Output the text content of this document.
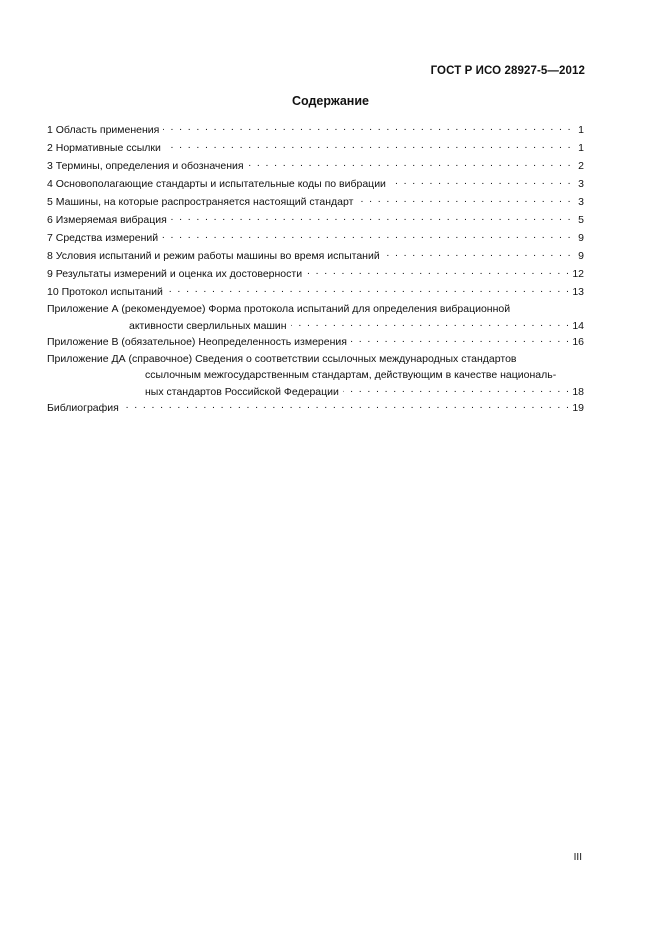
ГОСТ Р ИСО 28927-5—2012
Содержание
1 Область применения . . .	1
2 Нормативные ссылки . . .	1
3 Термины, определения и обозначения . . .	2
4 Основополагающие стандарты и испытательные коды по вибрации . . .	3
5 Машины, на которые распространяется настоящий стандарт . . .	3
6 Измеряемая вибрация . . .	5
7 Средства измерений . . .	9
8 Условия испытаний и режим работы машины во время испытаний . . .	9
9 Результаты измерений и оценка их достоверности . . .	12
10 Протокол испытаний . . .	13
Приложение А (рекомендуемое) Форма протокола испытаний для определения вибрационной
активности сверлильных машин . . .	14
Приложение В (обязательное) Неопределенность измерения . . .	16
Приложение ДА (справочное) Сведения о соответствии ссылочных международных стандартов
ссылочным межгосударственным стандартам, действующим в качестве националь-
ных стандартов Российской Федерации . . .	18
Библиография . . .	19
III
